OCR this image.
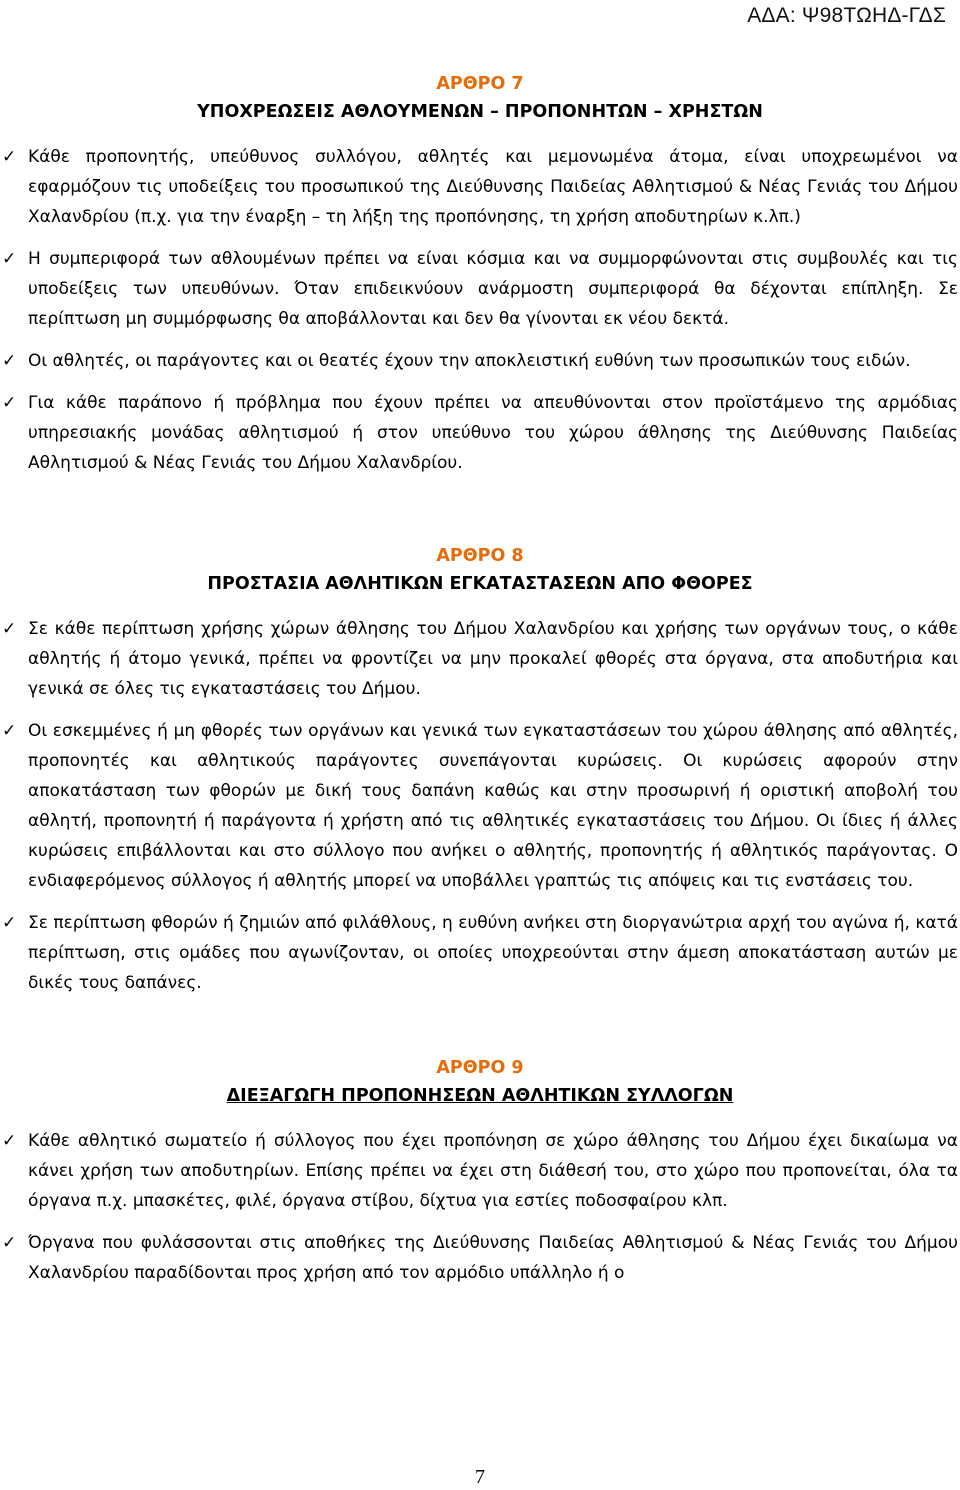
ΑΔΑ: Ψ98ΤΩΗΔ-ΓΔΣ

ΑΡΘΡΟ 7

ΥΠΟΧΡΕΩΣΕΙΣ ΑΘΛΟΥΜΕΝΩΝ – ΠΡΟΠΟΝΗΤΩΝ – ΧΡΗΣΤΩΝ

✓ Κάθε προπονητής, υπεύθυνος συλλόγου, αθλητές και μεμονωμένα άτομα, είναι υποχρεωμένοι να εφαρμόζουν τις υποδείξεις του προσωπικού της Διεύθυνσης Παιδείας Αθλητισμού & Νέας Γενιάς του Δήμου Χαλανδρίου (π.χ. για την έναρξη – τη λήξη της προπόνησης, τη χρήση αποδυτηρίων κ.λπ.)
✓ Η συμπεριφορά των αθλουμένων πρέπει να είναι κόσμια και να συμμορφώνονται στις συμβουλές και τις υποδείξεις των υπευθύνων. Όταν επιδεικνύουν ανάρμοστη συμπεριφορά θα δέχονται επίπληξη. Σε περίπτωση μη συμμόρφωσης θα αποβάλλονται και δεν θα γίνονται εκ νέου δεκτά.
✓ Οι αθλητές, οι παράγοντες και οι θεατές έχουν την αποκλειστική ευθύνη των προσωπικών τους ειδών.
✓ Για κάθε παράπονο ή πρόβλημα που έχουν πρέπει να απευθύνονται στον προϊστάμενο της αρμόδιας υπηρεσιακής μονάδας αθλητισμού ή στον υπεύθυνο του χώρου άθλησης της Διεύθυνσης Παιδείας Αθλητισμού & Νέας Γενιάς του Δήμου Χαλανδρίου.

ΑΡΘΡΟ 8

ΠΡΟΣΤΑΣΙΑ ΑΘΛΗΤΙΚΩΝ ΕΓΚΑΤΑΣΤΑΣΕΩΝ ΑΠΟ ΦΘΟΡΕΣ

✓ Σε κάθε περίπτωση χρήσης χώρων άθλησης του Δήμου Χαλανδρίου και χρήσης των οργάνων τους, ο κάθε αθλητής ή άτομο γενικά, πρέπει να φροντίζει να μην προκαλεί φθορές στα όργανα, στα αποδυτήρια και γενικά σε όλες τις εγκαταστάσεις του Δήμου.
✓ Οι εσκεμμένες ή μη φθορές των οργάνων και γενικά των εγκαταστάσεων του χώρου άθλησης από αθλητές, προπονητές και αθλητικούς παράγοντες συνεπάγονται κυρώσεις. Οι κυρώσεις αφορούν στην αποκατάσταση των φθορών με δική τους δαπάνη καθώς και στην προσωρινή ή οριστική αποβολή του αθλητή, προπονητή ή παράγοντα ή χρήστη από τις αθλητικές εγκαταστάσεις του Δήμου. Οι ίδιες ή άλλες κυρώσεις επιβάλλονται και στο σύλλογο που ανήκει ο αθλητής, προπονητής ή αθλητικός παράγοντας. Ο ενδιαφερόμενος σύλλογος ή αθλητής μπορεί να υποβάλλει γραπτώς τις απόψεις και τις ενστάσεις του.
✓ Σε περίπτωση φθορών ή ζημιών από φιλάθλους, η ευθύνη ανήκει στη διοργανώτρια αρχή του αγώνα ή, κατά περίπτωση, στις ομάδες που αγωνίζονταν, οι οποίες υποχρεούνται στην άμεση αποκατάσταση αυτών με δικές τους δαπάνες.

ΑΡΘΡΟ 9

ΔΙΕΞΑΓΩΓΗ ΠΡΟΠΟΝΗΣΕΩΝ ΑΘΛΗΤΙΚΩΝ ΣΥΛΛΟΓΩΝ

✓ Κάθε αθλητικό σωματείο ή σύλλογος που έχει προπόνηση σε χώρο άθλησης του Δήμου έχει δικαίωμα να κάνει χρήση των αποδυτηρίων. Επίσης πρέπει να έχει στη διάθεσή του, στο χώρο που προπονείται, όλα τα όργανα π.χ. μπασκέτες, φιλέ, όργανα στίβου, δίχτυα για εστίες ποδοσφαίρου κλπ.
✓ Όργανα που φυλάσσονται στις αποθήκες της Διεύθυνσης Παιδείας Αθλητισμού & Νέας Γενιάς του Δήμου Χαλανδρίου παραδίδονται προς χρήση από τον αρμόδιο υπάλληλο ή ο
7
